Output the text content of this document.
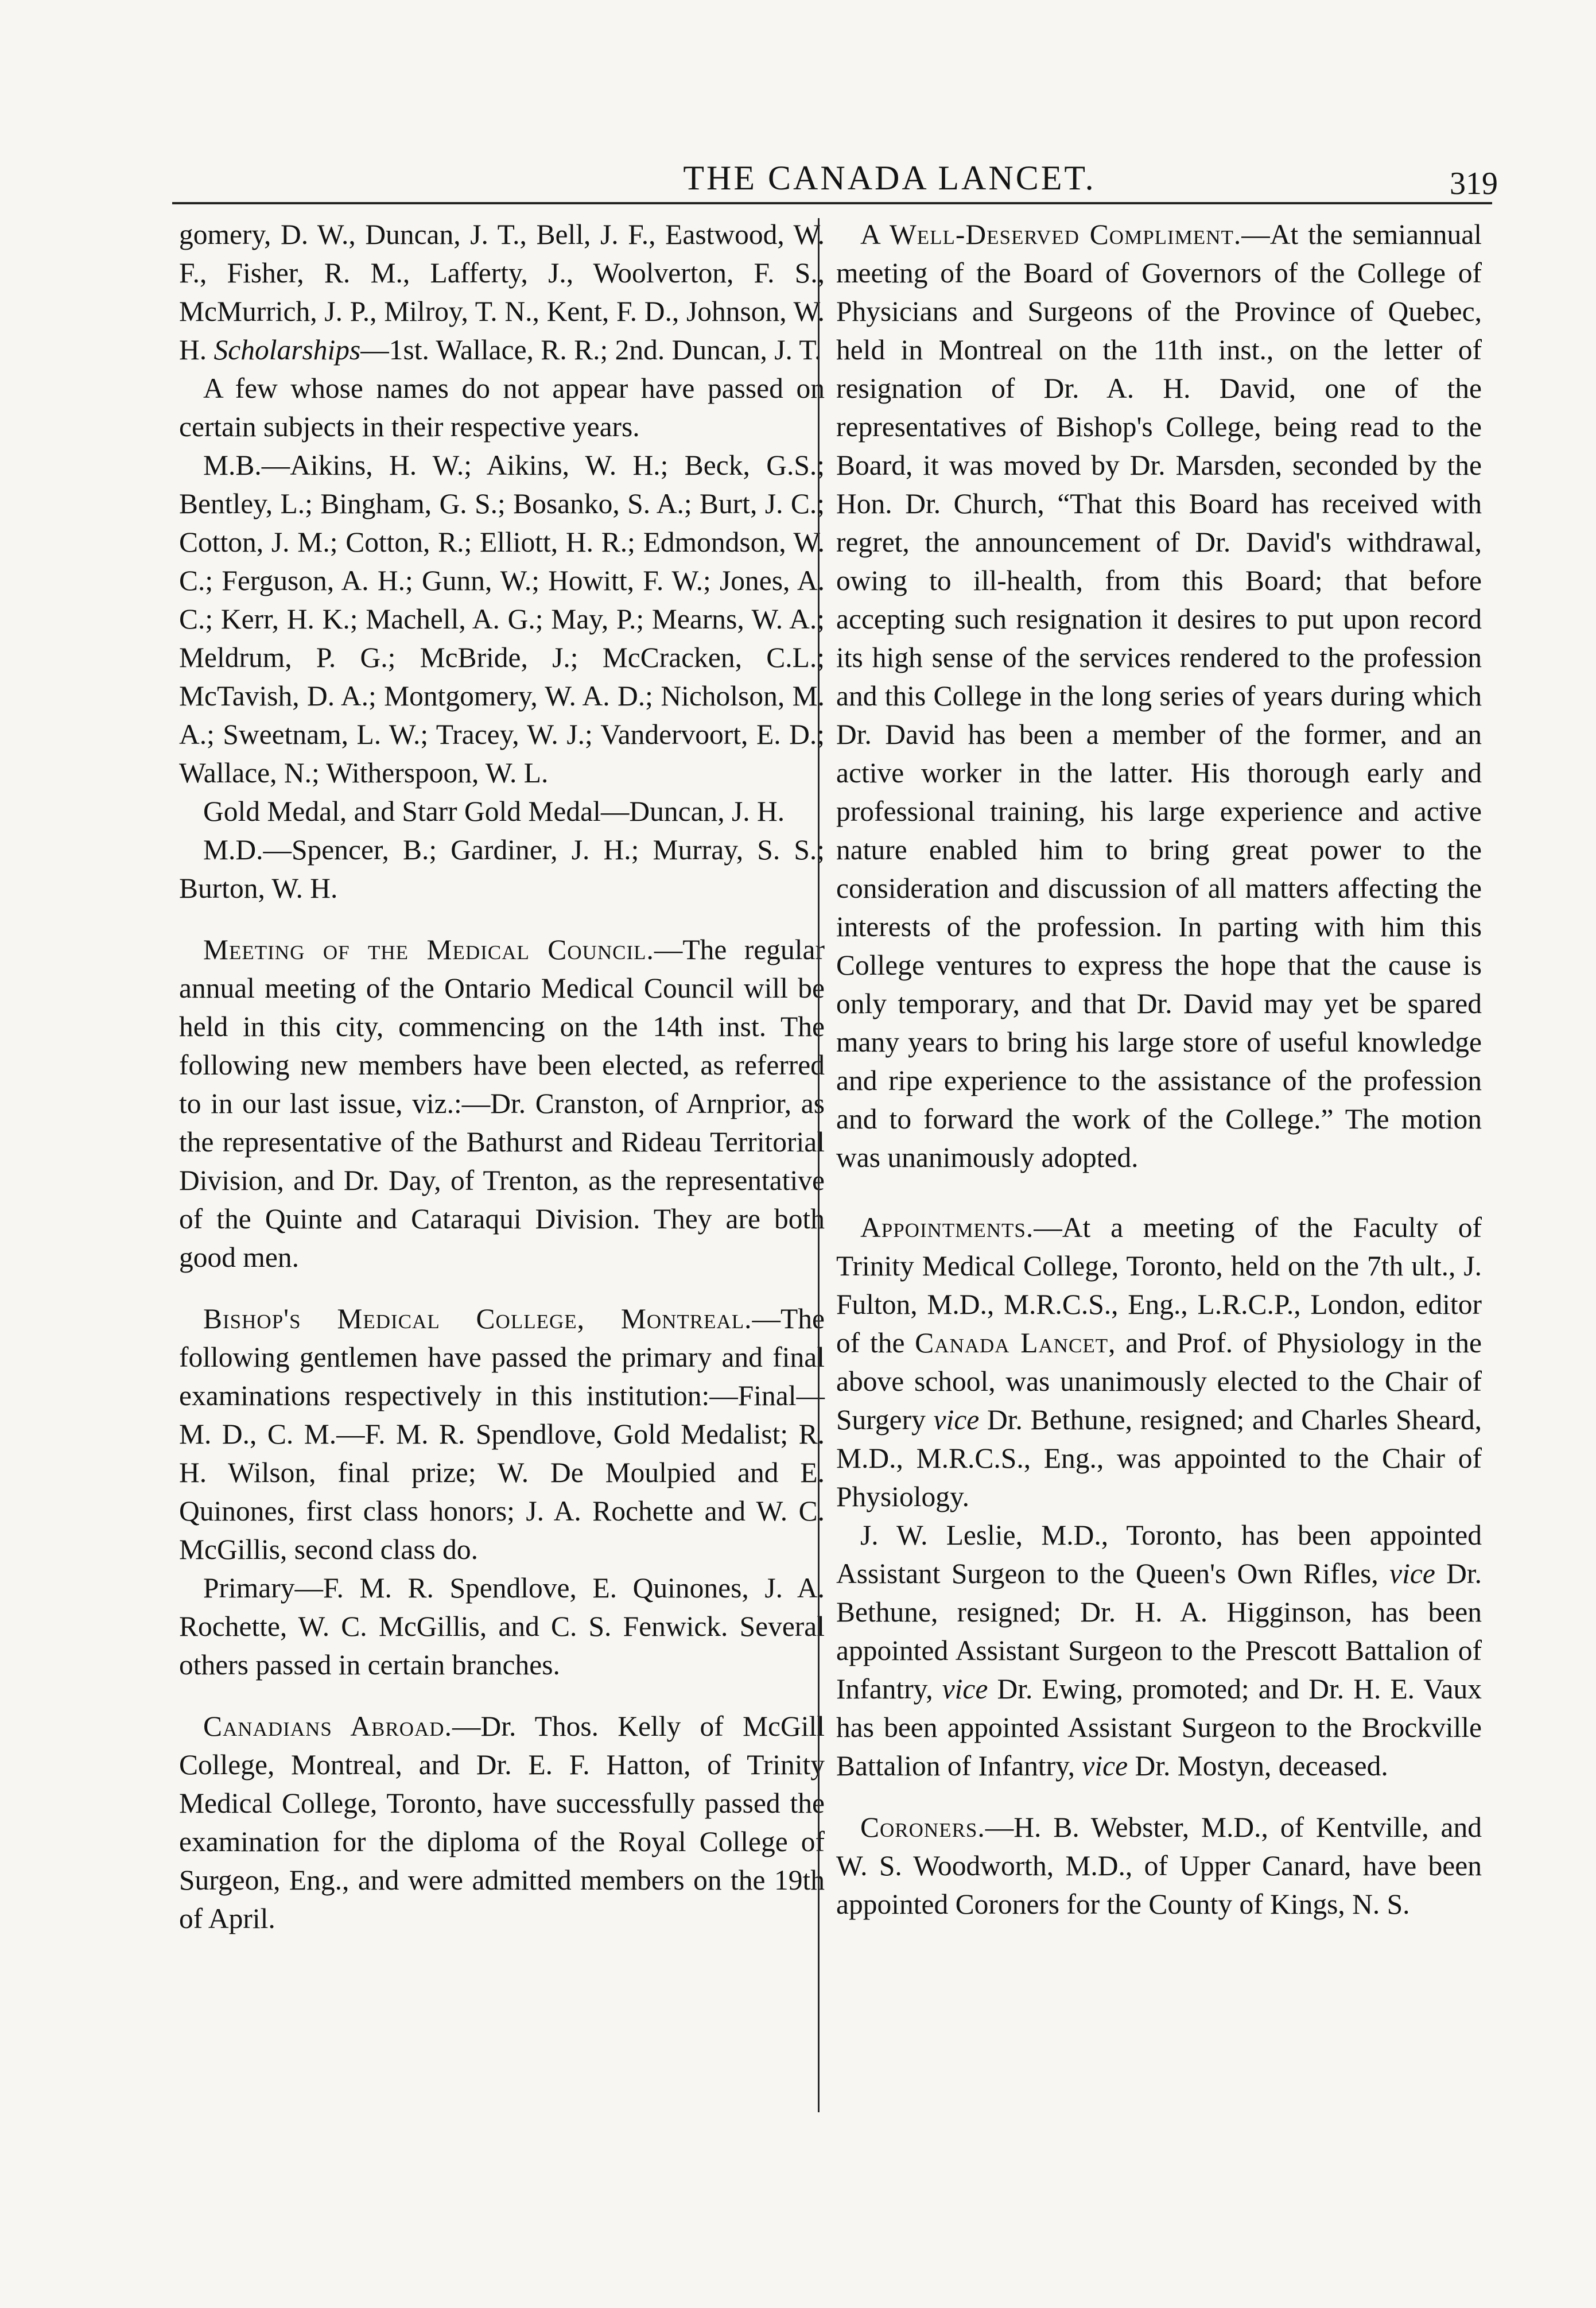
THE CANADA LANCET.	319

gomery, D. W., Duncan, J. T., Bell, J. F., Eastwood, W. F., Fisher, R. M., Lafferty, J., Woolverton, F. S., McMurrich, J. P., Milroy, T. N., Kent, F. D., Johnson, W. H. Scholarships—1st. Wallace, R. R.; 2nd. Duncan, J. T.

A few whose names do not appear have passed on certain subjects in their respective years.

M.B.—Aikins, H. W.; Aikins, W. H.; Beck, G.S.; Bentley, L.; Bingham, G. S.; Bosanko, S. A.; Burt, J. C.; Cotton, J. M.; Cotton, R.; Elliott, H. R.; Edmondson, W. C.; Ferguson, A. H.; Gunn, W.; Howitt, F. W.; Jones, A. C.; Kerr, H. K.; Machell, A. G.; May, P.; Mearns, W. A.; Meldrum, P. G.; McBride, J.; McCracken, C.L.; McTavish, D. A.; Montgomery, W. A. D.; Nicholson, M. A.; Sweetnam, L. W.; Tracey, W. J.; Vandervoort, E. D.; Wallace, N.; Witherspoon, W. L.

Gold Medal, and Starr Gold Medal—Duncan, J. H.

M.D.—Spencer, B.; Gardiner, J. H.; Murray, S. S.; Burton, W. H.

Meeting of the Medical Council.—The regular annual meeting of the Ontario Medical Council will be held in this city, commencing on the 14th inst. The following new members have been elected, as referred to in our last issue, viz.:—Dr. Cranston, of Arnprior, as the representative of the Bathurst and Rideau Territorial Division, and Dr. Day, of Trenton, as the representative of the Quinte and Cataraqui Division. They are both good men.

Bishop's Medical College, Montreal.—The following gentlemen have passed the primary and final examinations respectively in this institution:—Final—M. D., C. M.—F. M. R. Spendlove, Gold Medalist; R. H. Wilson, final prize; W. De Moulpied and E. Quinones, first class honors; J. A. Rochette and W. C. McGillis, second class do.

Primary—F. M. R. Spendlove, E. Quinones, J. A. Rochette, W. C. McGillis, and C. S. Fenwick. Several others passed in certain branches.

Canadians Abroad.—Dr. Thos. Kelly of McGill College, Montreal, and Dr. E. F. Hatton, of Trinity Medical College, Toronto, have successfully passed the examination for the diploma of the Royal College of Surgeon, Eng., and were admitted members on the 19th of April.

A Well-Deserved Compliment.—At the semiannual meeting of the Board of Governors of the College of Physicians and Surgeons of the Province of Quebec, held in Montreal on the 11th inst., on the letter of resignation of Dr. A. H. David, one of the representatives of Bishop's College, being read to the Board, it was moved by Dr. Marsden, seconded by the Hon. Dr. Church, “That this Board has received with regret, the announcement of Dr. David's withdrawal, owing to ill-health, from this Board; that before accepting such resignation it desires to put upon record its high sense of the services rendered to the profession and this College in the long series of years during which Dr. David has been a member of the former, and an active worker in the latter. His thorough early and professional training, his large experience and active nature enabled him to bring great power to the consideration and discussion of all matters affecting the interests of the profession. In parting with him this College ventures to express the hope that the cause is only temporary, and that Dr. David may yet be spared many years to bring his large store of useful knowledge and ripe experience to the assistance of the profession and to forward the work of the College.” The motion was unanimously adopted.

Appointments.—At a meeting of the Faculty of Trinity Medical College, Toronto, held on the 7th ult., J. Fulton, M.D., M.R.C.S., Eng., L.R.C.P., London, editor of the Canada Lancet, and Prof. of Physiology in the above school, was unanimously elected to the Chair of Surgery vice Dr. Bethune, resigned; and Charles Sheard, M.D., M.R.C.S., Eng., was appointed to the Chair of Physiology.

J. W. Leslie, M.D., Toronto, has been appointed Assistant Surgeon to the Queen's Own Rifles, vice Dr. Bethune, resigned; Dr. H. A. Higginson, has been appointed Assistant Surgeon to the Prescott Battalion of Infantry, vice Dr. Ewing, promoted; and Dr. H. E. Vaux has been appointed Assistant Surgeon to the Brockville Battalion of Infantry, vice Dr. Mostyn, deceased.

Coroners.—H. B. Webster, M.D., of Kentville, and W. S. Woodworth, M.D., of Upper Canard, have been appointed Coroners for the County of Kings, N. S.
